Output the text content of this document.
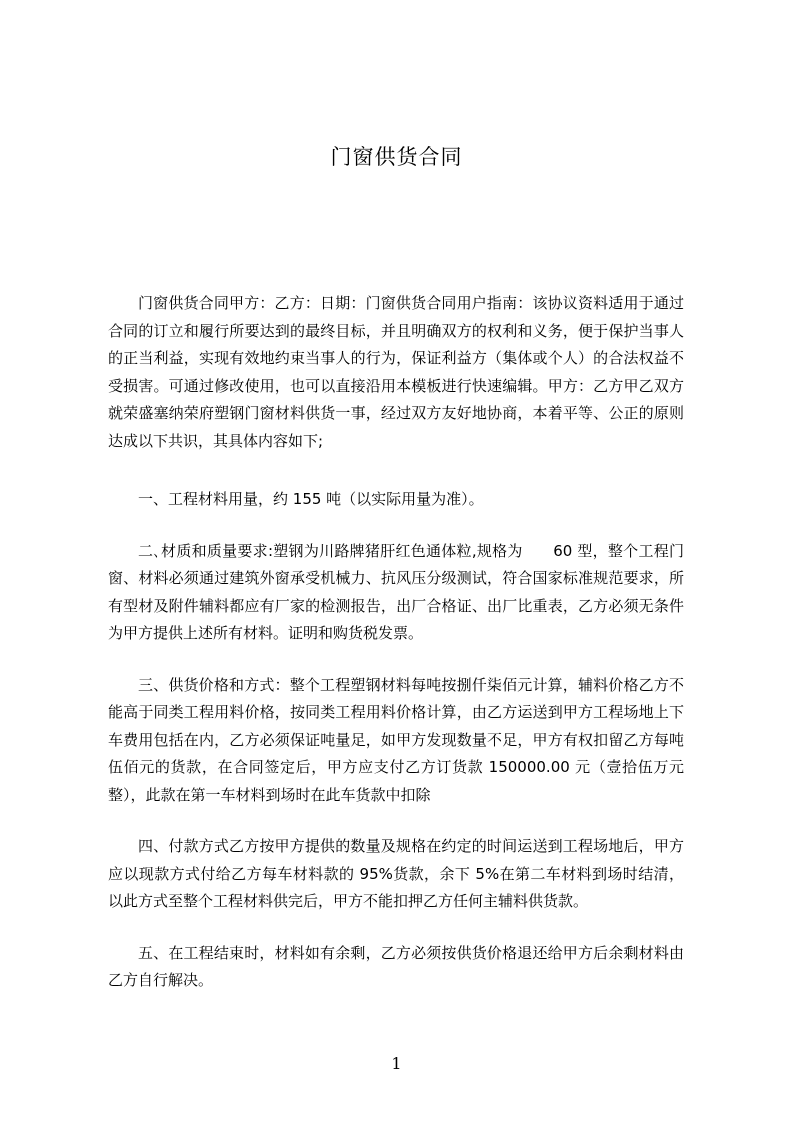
门窗供货合同

门窗供货合同甲方：乙方：日期：门窗供货合同用户指南：该协议资料适用于通过合同的订立和履行所要达到的最终目标，并且明确双方的权利和义务，便于保护当事人的正当利益，实现有效地约束当事人的行为，保证利益方（集体或个人）的合法权益不受损害。可通过修改使用，也可以直接沿用本模板进行快速编辑。甲方：乙方甲乙双方就荣盛塞纳荣府塑钢门窗材料供货一事，经过双方友好地协商，本着平等、公正的原则达成以下共识，其具体内容如下;

一、工程材料用量，约 155 吨（以实际用量为准）。

二､材质和质量要求:塑钢为川路牌猪肝红色通体粒,规格为　　60 型，整个工程门窗、材料必须通过建筑外窗承受机械力、抗风压分级测试，符合国家标准规范要求，所有型材及附件辅料都应有厂家的检测报告，出厂合格证、出厂比重表，乙方必须无条件为甲方提供上述所有材料。证明和购货税发票。

三、供货价格和方式：整个工程塑钢材料每吨按捌仟柒佰元计算，辅料价格乙方不能高于同类工程用料价格，按同类工程用料价格计算，由乙方运送到甲方工程场地上下车费用包括在内，乙方必须保证吨量足，如甲方发现数量不足，甲方有权扣留乙方每吨伍佰元的货款，在合同签定后，甲方应支付乙方订货款 150000.00 元（壹拾伍万元整），此款在第一车材料到场时在此车货款中扣除

四、付款方式乙方按甲方提供的数量及规格在约定的时间运送到工程场地后，甲方应以现款方式付给乙方每车材料款的 95%货款，余下 5%在第二车材料到场时结清，以此方式至整个工程材料供完后，甲方不能扣押乙方任何主辅料供货款。

五、在工程结束时，材料如有余剩，乙方必须按供货价格退还给甲方后余剩材料由乙方自行解决。

1
